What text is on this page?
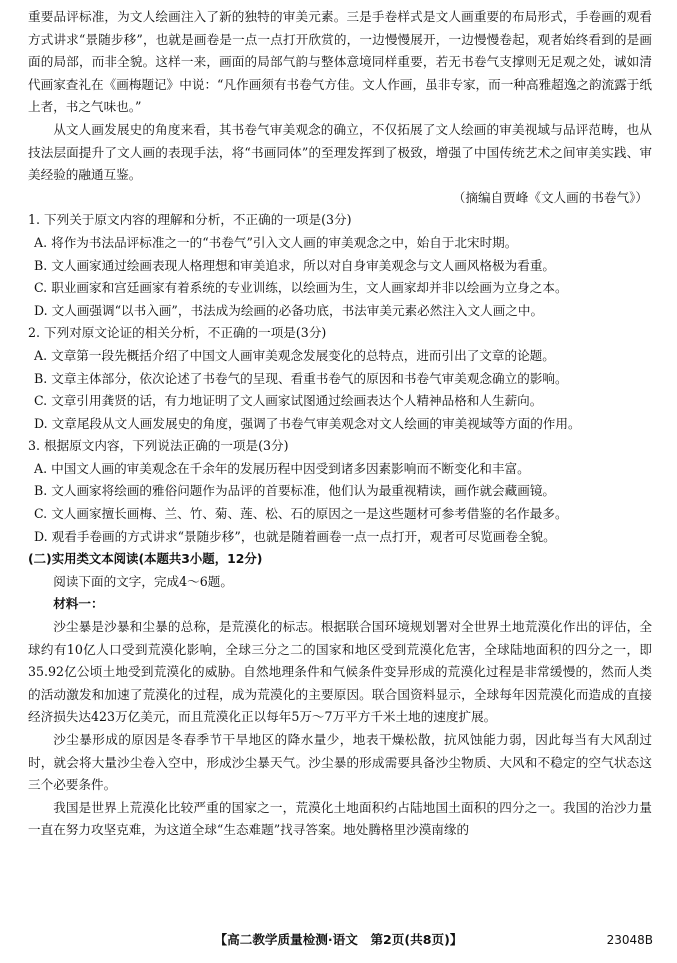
重要品评标准，为文人绘画注入了新的独特的审美元素。三是手卷样式是文人画重要的布局形式，手卷画的观看方式讲求“景随步移”，也就是画卷是一点一点打开欣赏的，一边慢慢展开，一边慢慢卷起，观者始终看到的是画面的局部，而非全貌。这样一来，画面的局部气韵与整体意境同样重要，若无书卷气支撑则无足观之处，诚如清代画家查礼在《画梅题记》中说：“凡作画须有书卷气方佳。文人作画，虽非专家，而一种高雅超逸之韵流露于纸上者，书之气味也。”

从文人画发展史的角度来看，其书卷气审美观念的确立，不仅拓展了文人绘画的审美视域与品评范畴，也从技法层面提升了文人画的表现手法，将“书画同体”的至理发挥到了极致，增强了中国传统艺术之间审美实践、审美经验的融通互鉴。

（摘编自贾峰《文人画的书卷气》）

1. 下列关于原文内容的理解和分析，不正确的一项是(3分)

A. 将作为书法品评标准之一的“书卷气”引入文人画的审美观念之中，始自于北宋时期。

B. 文人画家通过绘画表现人格理想和审美追求，所以对自身审美观念与文人画风格极为看重。

C. 职业画家和宫廷画家有着系统的专业训练，以绘画为生，文人画家却并非以绘画为立身之本。

D. 文人画强调“以书入画”，书法成为绘画的必备功底，书法审美元素必然注入文人画之中。

2. 下列对原文论证的相关分析，不正确的一项是(3分)

A. 文章第一段先概括介绍了中国文人画审美观念发展变化的总特点，进而引出了文章的论题。

B. 文章主体部分，依次论述了书卷气的呈现、看重书卷气的原因和书卷气审美观念确立的影响。

C. 文章引用龚贤的话，有力地证明了文人画家试图通过绘画表达个人精神品格和人生薪向。

D. 文章尾段从文人画发展史的角度，强调了书卷气审美观念对文人绘画的审美视域等方面的作用。

3. 根据原文内容，下列说法正确的一项是(3分)

A. 中国文人画的审美观念在千余年的发展历程中因受到诸多因素影响而不断变化和丰富。

B. 文人画家将绘画的雅俗问题作为品评的首要标准，他们认为最重视精读，画作就会藏画镜。

C. 文人画家擅长画梅、兰、竹、菊、莲、松、石的原因之一是这些题材可参考借鉴的名作最多。

D. 观看手卷画的方式讲求“景随步移”，也就是随着画卷一点一点打开，观者可尽览画卷全貌。

(二)实用类文本阅读(本题共3小题，12分)

阅读下面的文字，完成4～6题。

材料一：

沙尘暴是沙暴和尘暴的总称，是荒漠化的标志。根据联合国环境规划署对全世界土地荒漠化作出的评估，全球约有10亿人口受到荒漠化影响，全球三分之二的国家和地区受到荒漠化危害，全球陆地面积的四分之一，即35.92亿公顷土地受到荒漠化的威胁。自然地理条件和气候条件变异形成的荒漠化过程是非常缓慢的，然而人类的活动激发和加速了荒漠化的过程，成为荒漠化的主要原因。联合国资料显示，全球每年因荒漠化而造成的直接经济损失达423万亿美元，而且荒漠化正以每年5万～7万平方千米土地的速度扩展。

沙尘暴形成的原因是冬春季节干旱地区的降水量少，地表干燥松散，抗风蚀能力弱，因此每当有大风刮过时，就会将大量沙尘卷入空中，形成沙尘暴天气。沙尘暴的形成需要具备沙尘物质、大风和不稳定的空气状态这三个必要条件。

我国是世界上荒漠化比较严重的国家之一，荒漠化土地面积约占陆地国土面积的四分之一。我国的治沙力量一直在努力攻坚克难，为这道全球“生态难题”找寻答案。地处腾格里沙漠南缘的

【高二教学质量检测·语文　第2页(共8页)】	23048B
